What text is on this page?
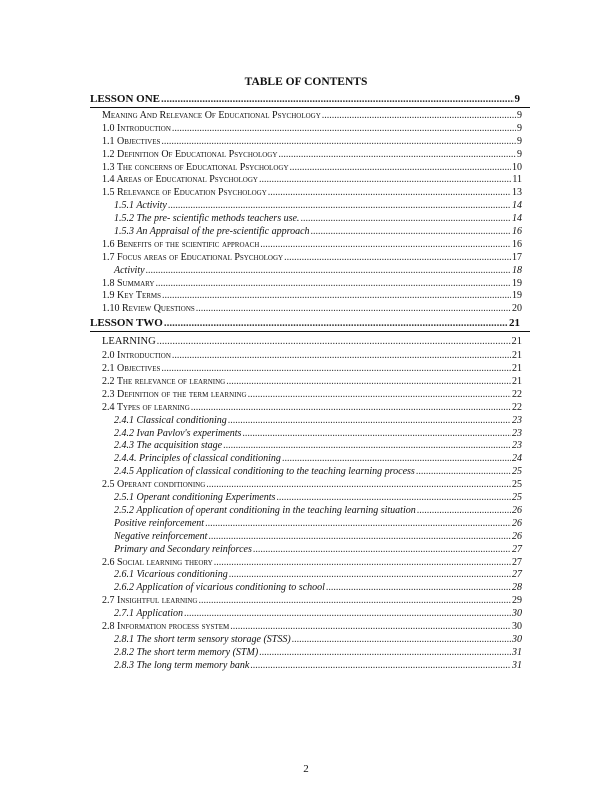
TABLE OF CONTENTS
LESSON ONE .....	9
Meaning And Relevance Of Educational Psychology .....	9
1.0 Introduction .....	9
1.1 Objectives .....	9
1.2 Definition Of Educational Psychology .....	9
1.3 The concerns of Educational Psychology .....	10
1.4 Areas of Educational Psychology .....	11
1.5 Relevance of Education Psychology .....	13
1.5.1 Activity .....	14
1.5.2 The pre- scientific methods teachers use. .....	14
1.5.3 An Appraisal of the pre-scientific approach .....	16
1.6 Benefits of the scientific approach .....	16
1.7 Focus areas of Educational Psychology .....	17
Activity .....	18
1.8 Summary .....	19
1.9 Key Terms .....	19
1.10 Review Questions .....	20
LESSON TWO .....	21
LEARNING .....	21
2.0 Introduction .....	21
2.1 Objectives .....	21
2.2 The relevance of learning .....	21
2.3 Definition of the term learning .....	22
2.4 Types of learning .....	22
2.4.1 Classical conditioning .....	23
2.4.2 Ivan Pavlov's experiments .....	23
2.4.3 The acquisition stage .....	23
2.4.4. Principles of classical conditioning .....	24
2.4.5 Application of classical conditioning to the teaching learning process .....	25
2.5 Operant conditioning .....	25
2.5.1 Operant conditioning Experiments .....	25
2.5.2 Application of operant conditioning in the teaching learning situation .....	26
Positive reinforcement .....	26
Negative reinforcement .....	26
Primary and Secondary reinforces .....	27
2.6 Social learning theory .....	27
2.6.1 Vicarious conditioning .....	27
2.6.2 Application of vicarious conditioning to school .....	28
2.7 Insightful learning .....	29
2.7.1 Application .....	30
2.8 Information process system .....	30
2.8.1 The short term sensory storage (STSS) .....	30
2.8.2 The short term memory (STM) .....	31
2.8.3 The long term memory bank .....	31
2
